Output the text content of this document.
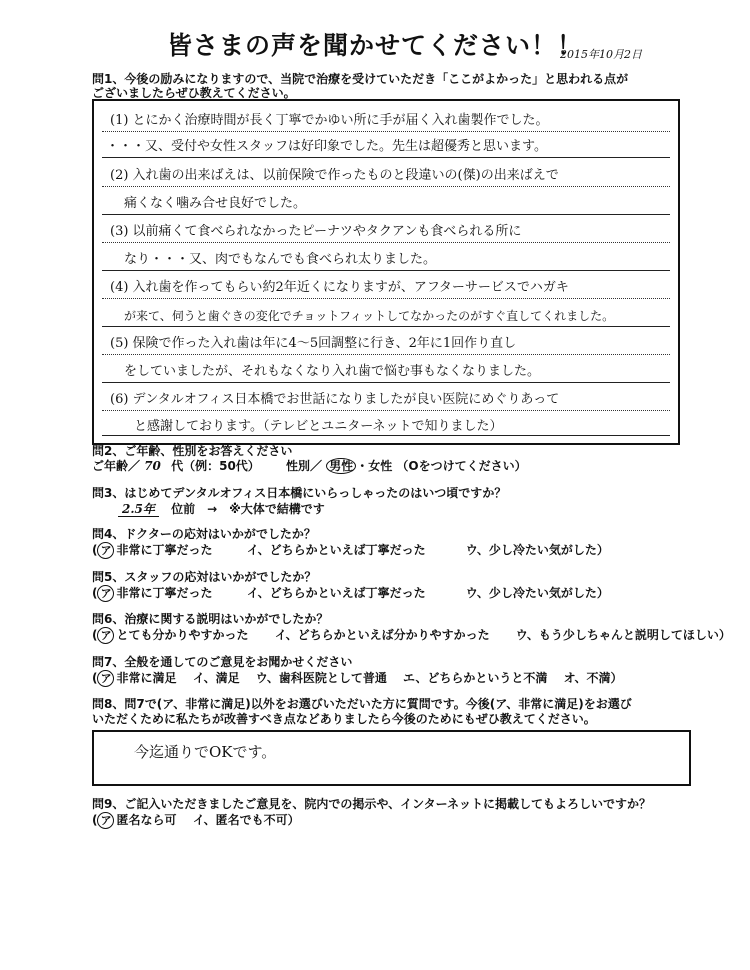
皆さまの声を聞かせてください！！
2015年10月2日
問1、今後の励みになりますので、当院で治療を受けていただき「ここがよかった」と思われる点が
ございましたらぜひ教えてください。
(1) とにかく治療時間が長く丁寧でかゆい所に手が届く入れ歯製作でした。
・・・又、受付や女性スタッフは好印象でした。先生は超優秀と思います。
(2) 入れ歯の出来ばえは、以前保険で作ったものと段違いの(傑)の出来ばえで
痛くなく噛み合せ良好でした。
(3) 以前痛くて食べられなかったピーナツやタクアンも食べられる所に
なり・・・又、肉でもなんでも食べられ太りました。
(4) 入れ歯を作ってもらい約2年近くになりますが、アフターサービスでハガキ
が来て、伺うと歯ぐきの変化でチョットフィットしてなかったのがすぐ直してくれました。
(5) 保険で作った入れ歯は年に4〜5回調整に行き、2年に1回作り直し
をしていましたが、それもなくなり入れ歯で悩む事もなくなりました。
(6) デンタルオフィス日本橋でお世話になりましたが良い医院にめぐりあって
と感謝しております。（テレビとユニターネットで知りました）
問2、ご年齢、性別をお答えください
ご年齢／ 70 代（例：50代） 性別／ 男性 ・女性 （Oをつけてください）
問3、はじめてデンタルオフィス日本橋にいらっしゃったのはいつ頃ですか？
2.5年 位前　→　※大体で結構です
問4、ドクターの応対はいかがでしたか？
( ア 非常に丁寧だった	イ、どちらかといえば丁寧だった	ウ、少し冷たい気がした）
問5、スタッフの応対はいかがでしたか？
( ア 非常に丁寧だった	イ、どちらかといえば丁寧だった	ウ、少し冷たい気がした）
問6、治療に関する説明はいかがでしたか？
( ア とても分かりやすかった イ、どちらかといえば分かりやすかった ウ、もう少しちゃんと説明してほしい）
問7、全般を通してのご意見をお聞かせください
( ア 非常に満足 イ、満足 ウ、歯科医院として普通 エ、どちらかというと不満 オ、不満）
問8、問7で(ア、非常に満足)以外をお選びいただいた方に質問です。今後(ア、非常に満足)をお選び
いただくために私たちが改善すべき点などありましたら今後のためにもぜひ教えてください。
今迄通りでOKです。
問9、ご記入いただきましたご意見を、院内での掲示や、インターネットに掲載してもよろしいですか？
( ア 匿名なら可 イ、匿名でも不可）
